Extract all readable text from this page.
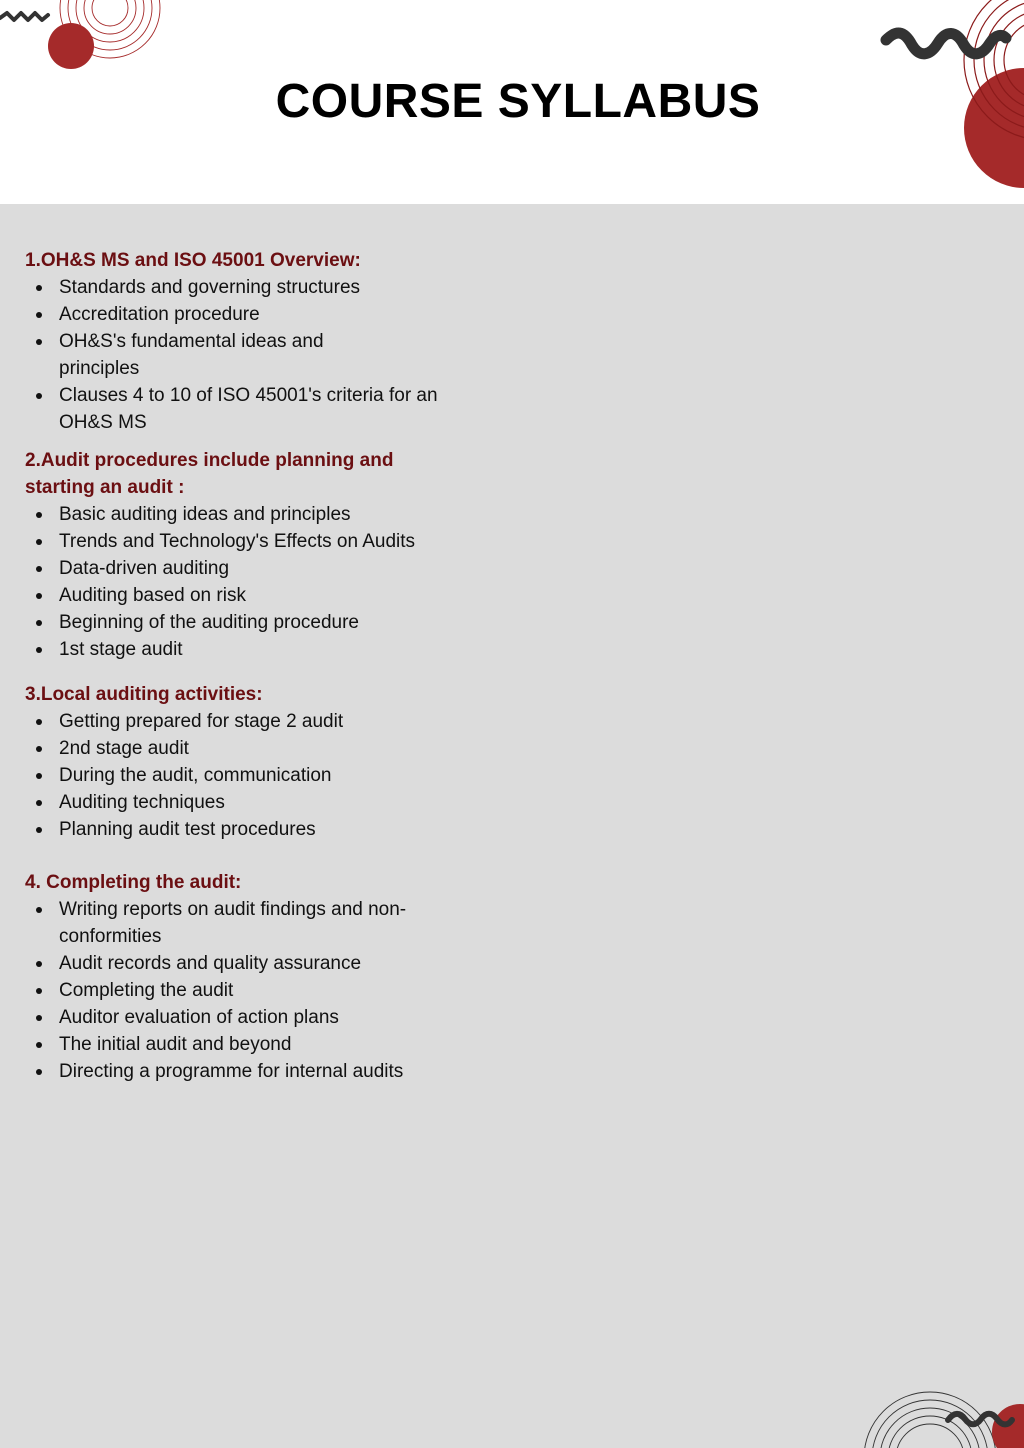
COURSE SYLLABUS
1.OH&S MS and ISO 45001 Overview:
Standards and governing structures
Accreditation procedure
OH&S's fundamental ideas and principles
Clauses 4 to 10 of ISO 45001's criteria for an OH&S MS
2.Audit procedures include planning and starting an audit :
Basic auditing ideas and principles
Trends and Technology's Effects on Audits
Data-driven auditing
Auditing based on risk
Beginning of the auditing procedure
1st stage audit
3.Local auditing activities:
Getting prepared for stage 2 audit
2nd stage audit
During the audit, communication
Auditing techniques
Planning audit test procedures
4. Completing the audit:
Writing reports on audit findings and non-conformities
Audit records and quality assurance
Completing the audit
Auditor evaluation of action plans
The initial audit and beyond
Directing a programme for internal audits
